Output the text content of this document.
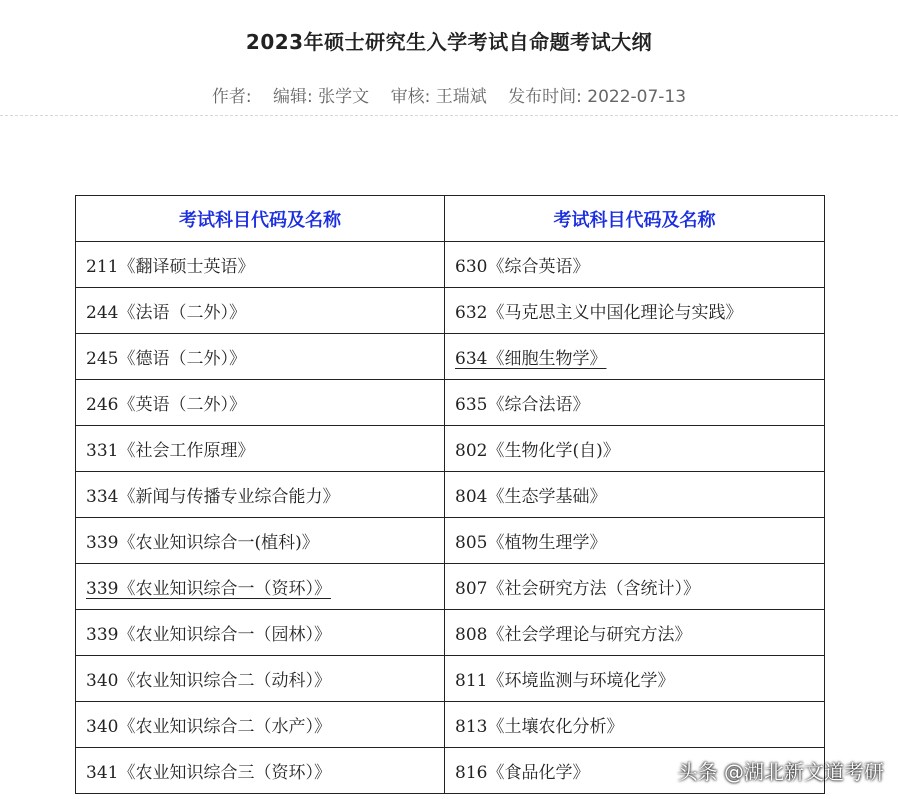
2023年硕士研究生入学考试自命题考试大纲
作者: 编辑: 张学文 审核: 王瑞斌 发布时间: 2022-07-13
考试科目代码及名称	考试科目代码及名称
211《翻译硕士英语》	630《综合英语》
244《法语（二外）》	632《马克思主义中国化理论与实践》
245《德语（二外）》	634《细胞生物学》
246《英语（二外）》	635《综合法语》
331《社会工作原理》	802《生物化学(自)》
334《新闻与传播专业综合能力》	804《生态学基础》
339《农业知识综合一(植科)》	805《植物生理学》
339《农业知识综合一（资环）》	807《社会研究方法（含统计）》
339《农业知识综合一（园林）》	808《社会学理论与研究方法》
340《农业知识综合二（动科）》	811《环境监测与环境化学》
340《农业知识综合二（水产）》	813《土壤农化分析》
341《农业知识综合三（资环）》	816《食品化学》	头条 @湖北新文道考研
